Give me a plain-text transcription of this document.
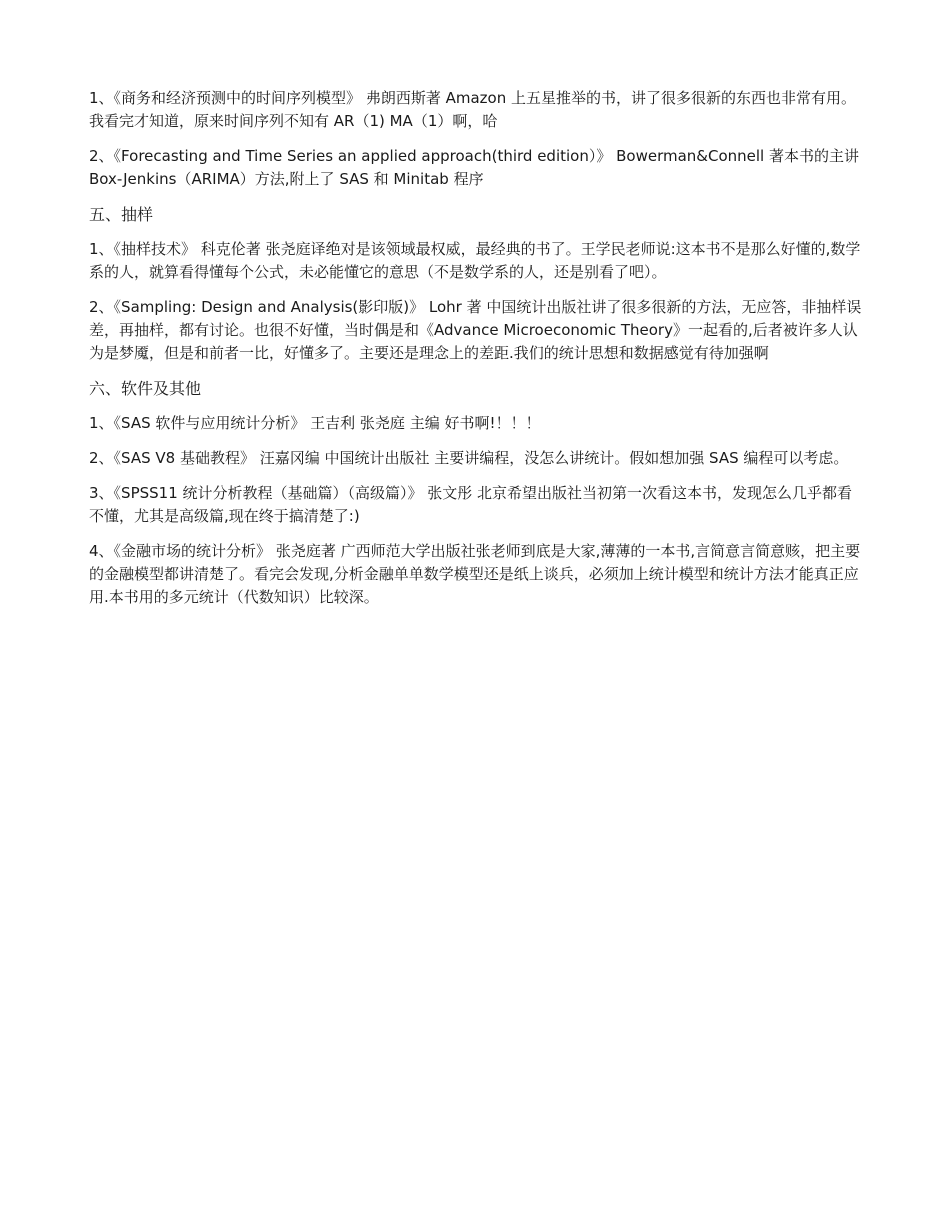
1、《商务和经济预测中的时间序列模型》 弗朗西斯著 Amazon 上五星推举的书，讲了很多很新的东西也非常有用。我看完才知道，原来时间序列不知有 AR（1) MA（1）啊，哈

2、《Forecasting and Time Series an applied approach(third edition）》 Bowerman&Connell 著本书的主讲 Box-Jenkins（ARIMA）方法,附上了 SAS 和 Minitab 程序

五、抽样

1、《抽样技术》 科克伦著 张尧庭译绝对是该领域最权威，最经典的书了。王学民老师说:这本书不是那么好懂的,数学系的人，就算看得懂每个公式，未必能懂它的意思（不是数学系的人，还是别看了吧）。

2、《Sampling: Design and Analysis(影印版)》 Lohr 著 中国统计出版社讲了很多很新的方法，无应答，非抽样误差，再抽样，都有讨论。也很不好懂，当时偶是和《Advance Microeconomic Theory》一起看的,后者被许多人认为是梦魇，但是和前者一比，好懂多了。主要还是理念上的差距.我们的统计思想和数据感觉有待加强啊

六、软件及其他

1、《SAS 软件与应用统计分析》 王吉利 张尧庭 主编 好书啊!！！！

2、《SAS V8 基础教程》 汪嘉冈编 中国统计出版社 主要讲编程，没怎么讲统计。假如想加强 SAS 编程可以考虑。

3、《SPSS11 统计分析教程（基础篇）（高级篇）》 张文彤 北京希望出版社当初第一次看这本书，发现怎么几乎都看不懂，尤其是高级篇,现在终于搞清楚了:)

4、《金融市场的统计分析》 张尧庭著 广西师范大学出版社张老师到底是大家,薄薄的一本书,言简意言简意赅，把主要的金融模型都讲清楚了。看完会发现,分析金融单单数学模型还是纸上谈兵，必须加上统计模型和统计方法才能真正应用.本书用的多元统计（代数知识）比较深。
